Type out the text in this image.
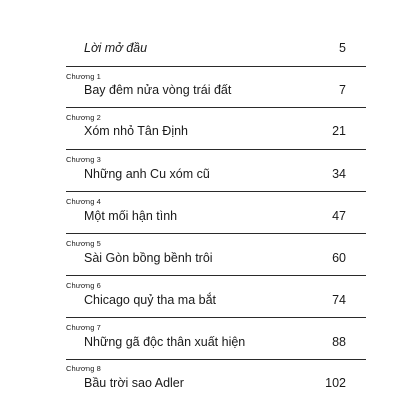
Lời mở đầu	5
Chương 1
Bay đêm nửa vòng trái đất	7
Chương 2
Xóm nhỏ Tân Định	21
Chương 3
Những anh Cu xóm cũ	34
Chương 4
Một mối hận tình	47
Chương 5
Sài Gòn bồng bềnh trôi	60
Chương 6
Chicago quỷ tha ma bắt	74
Chương 7
Những gã độc thân xuất hiện	88
Chương 8
Bầu trời sao Adler	102
